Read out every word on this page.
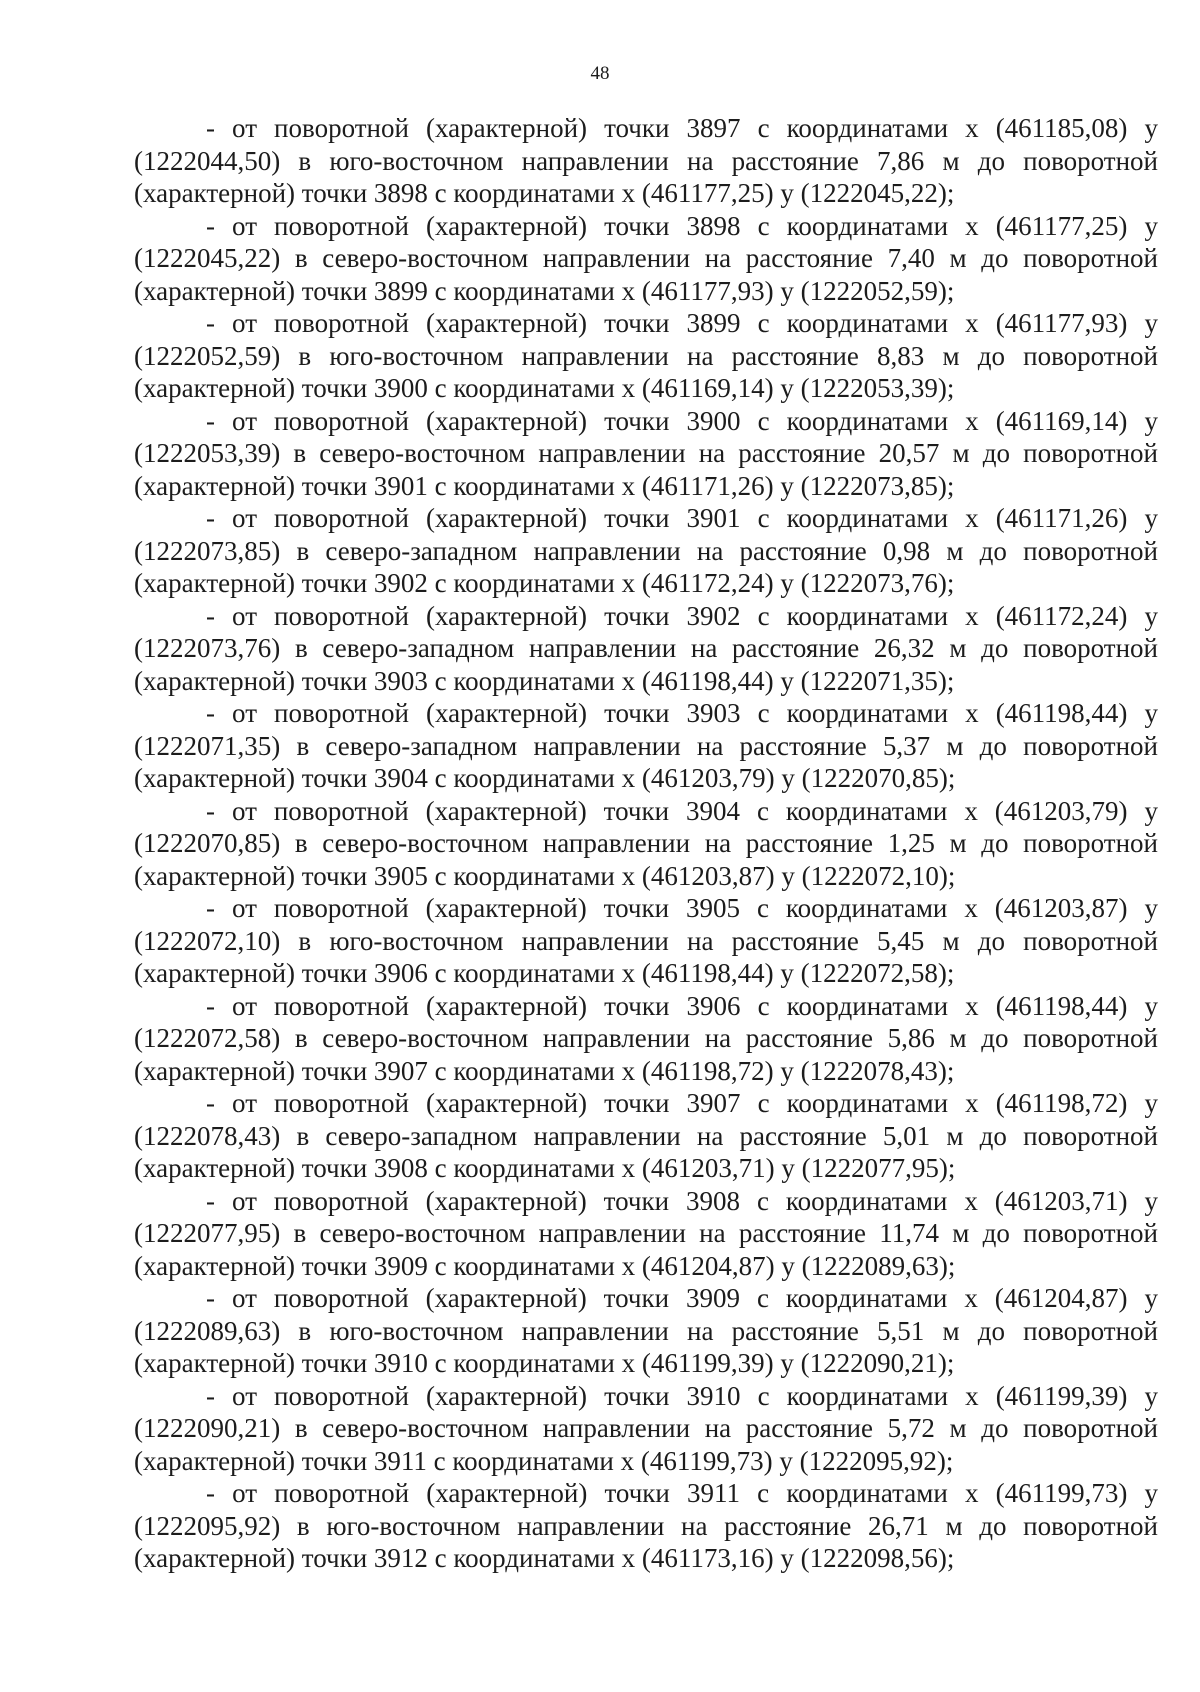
48

- от поворотной (характерной) точки 3897 с координатами x (461185,08) y (1222044,50) в юго-восточном направлении на расстояние 7,86 м до поворотной (характерной) точки 3898 с координатами x (461177,25) y (1222045,22);

- от поворотной (характерной) точки 3898 с координатами x (461177,25) y (1222045,22) в северо-восточном направлении на расстояние 7,40 м до поворотной (характерной) точки 3899 с координатами x (461177,93) y (1222052,59);

- от поворотной (характерной) точки 3899 с координатами x (461177,93) y (1222052,59) в юго-восточном направлении на расстояние 8,83 м до поворотной (характерной) точки 3900 с координатами x (461169,14) y (1222053,39);

- от поворотной (характерной) точки 3900 с координатами x (461169,14) y (1222053,39) в северо-восточном направлении на расстояние 20,57 м до поворотной (характерной) точки 3901 с координатами x (461171,26) y (1222073,85);

- от поворотной (характерной) точки 3901 с координатами x (461171,26) y (1222073,85) в северо-западном направлении на расстояние 0,98 м до поворотной (характерной) точки 3902 с координатами x (461172,24) y (1222073,76);

- от поворотной (характерной) точки 3902 с координатами x (461172,24) y (1222073,76) в северо-западном направлении на расстояние 26,32 м до поворотной (характерной) точки 3903 с координатами x (461198,44) y (1222071,35);

- от поворотной (характерной) точки 3903 с координатами x (461198,44) y (1222071,35) в северо-западном направлении на расстояние 5,37 м до поворотной (характерной) точки 3904 с координатами x (461203,79) y (1222070,85);

- от поворотной (характерной) точки 3904 с координатами x (461203,79) y (1222070,85) в северо-восточном направлении на расстояние 1,25 м до поворотной (характерной) точки 3905 с координатами x (461203,87) y (1222072,10);

- от поворотной (характерной) точки 3905 с координатами x (461203,87) y (1222072,10) в юго-восточном направлении на расстояние 5,45 м до поворотной (характерной) точки 3906 с координатами x (461198,44) y (1222072,58);

- от поворотной (характерной) точки 3906 с координатами x (461198,44) y (1222072,58) в северо-восточном направлении на расстояние 5,86 м до поворотной (характерной) точки 3907 с координатами x (461198,72) y (1222078,43);

- от поворотной (характерной) точки 3907 с координатами x (461198,72) y (1222078,43) в северо-западном направлении на расстояние 5,01 м до поворотной (характерной) точки 3908 с координатами x (461203,71) y (1222077,95);

- от поворотной (характерной) точки 3908 с координатами x (461203,71) y (1222077,95) в северо-восточном направлении на расстояние 11,74 м до поворотной (характерной) точки 3909 с координатами x (461204,87) y (1222089,63);

- от поворотной (характерной) точки 3909 с координатами x (461204,87) y (1222089,63) в юго-восточном направлении на расстояние 5,51 м до поворотной (характерной) точки 3910 с координатами x (461199,39) y (1222090,21);

- от поворотной (характерной) точки 3910 с координатами x (461199,39) y (1222090,21) в северо-восточном направлении на расстояние 5,72 м до поворотной (характерной) точки 3911 с координатами x (461199,73) y (1222095,92);

- от поворотной (характерной) точки 3911 с координатами x (461199,73) y (1222095,92) в юго-восточном направлении на расстояние 26,71 м до поворотной (характерной) точки 3912 с координатами x (461173,16) y (1222098,56);
